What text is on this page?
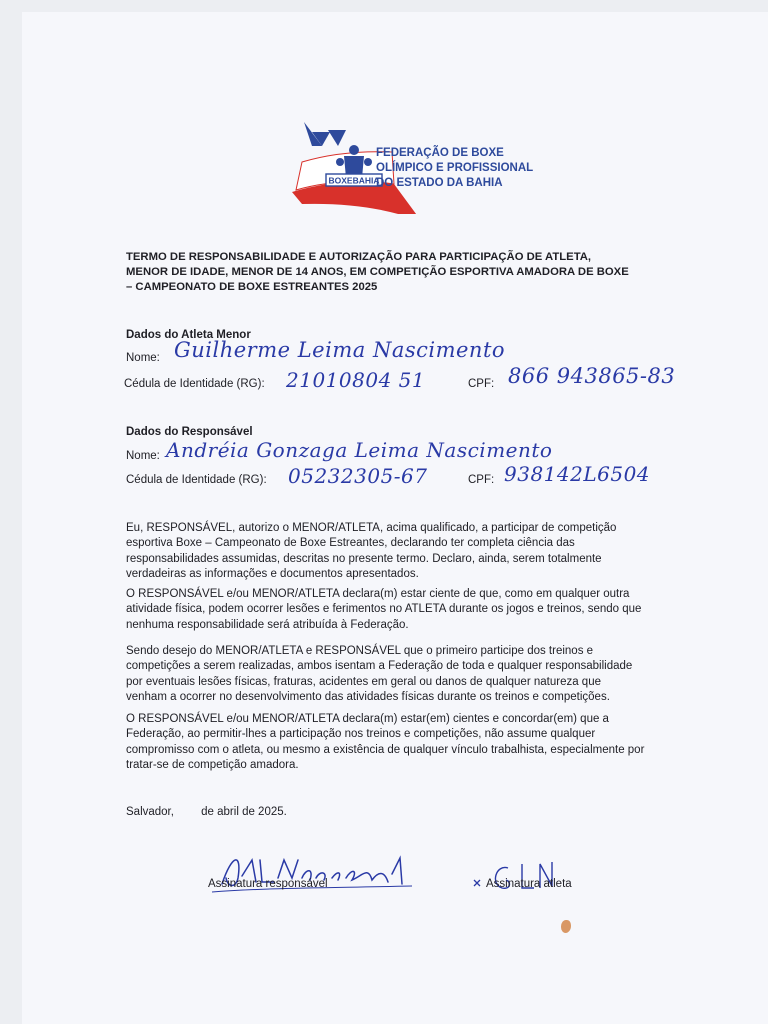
BOXEBAHIA
FEDERAÇÃO DE BOXE
OLÍMPICO E PROFISSIONAL
DO ESTADO DA BAHIA
TERMO DE RESPONSABILIDADE E AUTORIZAÇÃO PARA PARTICIPAÇÃO DE ATLETA,
MENOR DE IDADE, MENOR DE 14 ANOS, EM COMPETIÇÃO ESPORTIVA AMADORA DE BOXE
– CAMPEONATO DE BOXE ESTREANTES 2025
Dados do Atleta Menor
Nome: Guilherme Leima Nascimento
Cédula de Identidade (RG): 21010804 51	CPF: 866 943865-83
Dados do Responsável
Nome: Andréia Gonzaga Leima Nascimento
Cédula de Identidade (RG): 05232305-67	CPF: 938142L6504
Eu, RESPONSÁVEL, autorizo o MENOR/ATLETA, acima qualificado, a participar de competição
esportiva Boxe – Campeonato de Boxe Estreantes, declarando ter completa ciência das
responsabilidades assumidas, descritas no presente termo. Declaro, ainda, serem totalmente
verdadeiras as informações e documentos apresentados.
O RESPONSÁVEL e/ou MENOR/ATLETA declara(m) estar ciente de que, como em qualquer outra
atividade física, podem ocorrer lesões e ferimentos no ATLETA durante os jogos e treinos, sendo que
nenhuma responsabilidade será atribuída à Federação.
Sendo desejo do MENOR/ATLETA e RESPONSÁVEL que o primeiro participe dos treinos e
competições a serem realizadas, ambos isentam a Federação de toda e qualquer responsabilidade
por eventuais lesões físicas, fraturas, acidentes em geral ou danos de qualquer natureza que
venham a ocorrer no desenvolvimento das atividades físicas durante os treinos e competições.
O RESPONSÁVEL e/ou MENOR/ATLETA declara(m) estar(em) cientes e concordar(em) que a
Federação, ao permitir-lhes a participação nos treinos e competições, não assume qualquer
compromisso com o atleta, ou mesmo a existência de qualquer vínculo trabalhista, especialmente por
tratar-se de competição amadora.
Salvador, de abril de 2025.
Assinatura responsável	Assinatura atleta
